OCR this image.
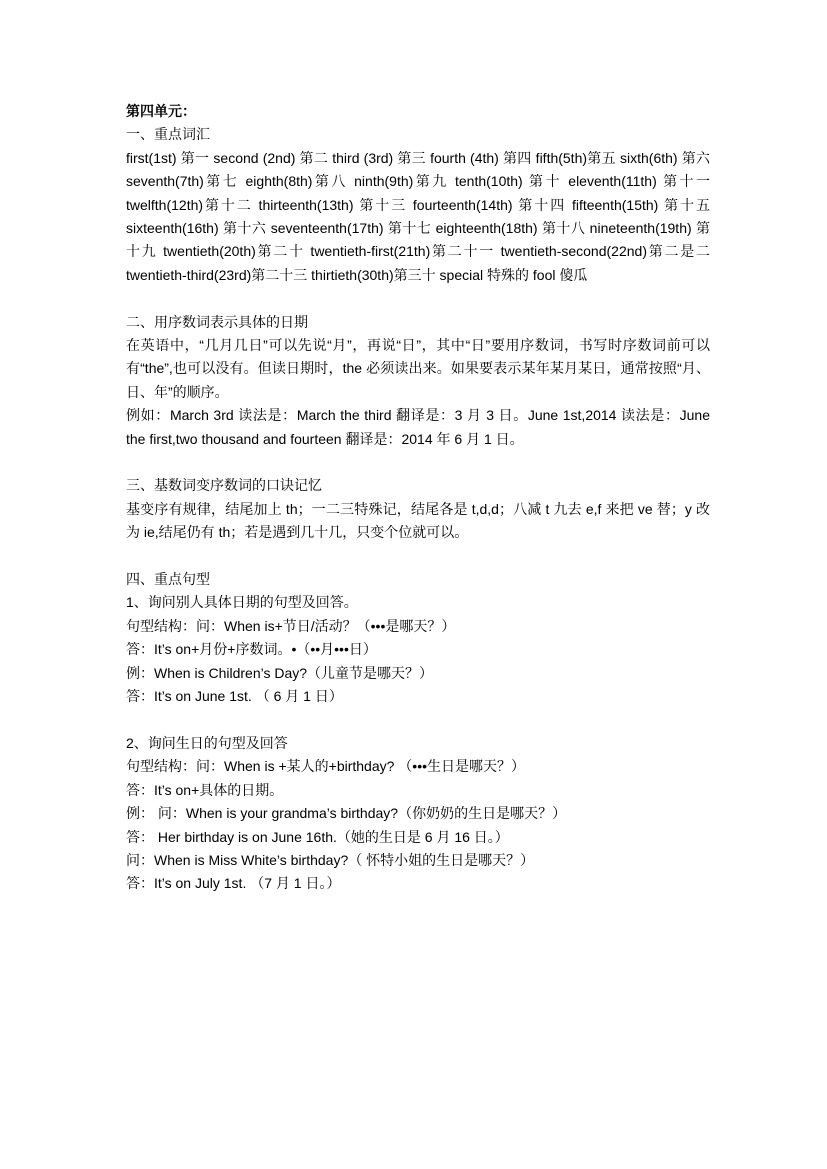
第四单元：
一、重点词汇
first(1st) 第一 second (2nd) 第二 third (3rd) 第三 fourth (4th) 第四 fifth(5th)第五 sixth(6th) 第六 seventh(7th)第七 eighth(8th)第八 ninth(9th)第九 tenth(10th) 第十 eleventh(11th) 第十一 twelfth(12th)第十二 thirteenth(13th) 第十三 fourteenth(14th) 第十四 fifteenth(15th) 第十五 sixteenth(16th) 第十六 seventeenth(17th) 第十七 eighteenth(18th) 第十八 nineteenth(19th) 第十九 twentieth(20th)第二十 twentieth-first(21th)第二十一 twentieth-second(22nd)第二是二 twentieth-third(23rd)第二十三 thirtieth(30th)第三十 special 特殊的 fool 傻瓜
二、用序数词表示具体的日期
在英语中，“几月几日”可以先说“月”，再说“日”，其中“日”要用序数词，书写时序数词前可以有“the”,也可以没有。但读日期时，the 必须读出来。如果要表示某年某月某日，通常按照“月、日、年”的顺序。
例如：March 3rd 读法是：March the third 翻译是：3 月 3 日。June 1st,2014 读法是：June the first,two thousand and fourteen 翻译是：2014 年 6 月 1 日。
三、基数词变序数词的口诀记忆
基变序有规律，结尾加上 th；一二三特殊记，结尾各是 t,d,d；八减 t 九去 e,f 来把 ve 替；y 改为 ie,结尾仍有 th；若是遇到几十几，只变个位就可以。
四、重点句型
1、询问别人具体日期的句型及回答。
句型结构：问：When is+节日/活动？（•••是哪天？）
答：It’s on+月份+序数词。•（••月•••日）
例：When is Children’s Day?（儿童节是哪天？）
答：It’s on June 1st. （ 6 月 1 日）
2、询问生日的句型及回答
句型结构：问：When is +某人的+birthday? （•••生日是哪天？）
答：It’s on+具体的日期。
例： 问：When is your grandma’s birthday?（你奶奶的生日是哪天？）
答： Her birthday is on June 16th.（她的生日是 6 月 16 日。）
问：When is Miss White’s birthday?（ 怀特小姐的生日是哪天？）
答：It’s on July 1st. （7 月 1 日。）
